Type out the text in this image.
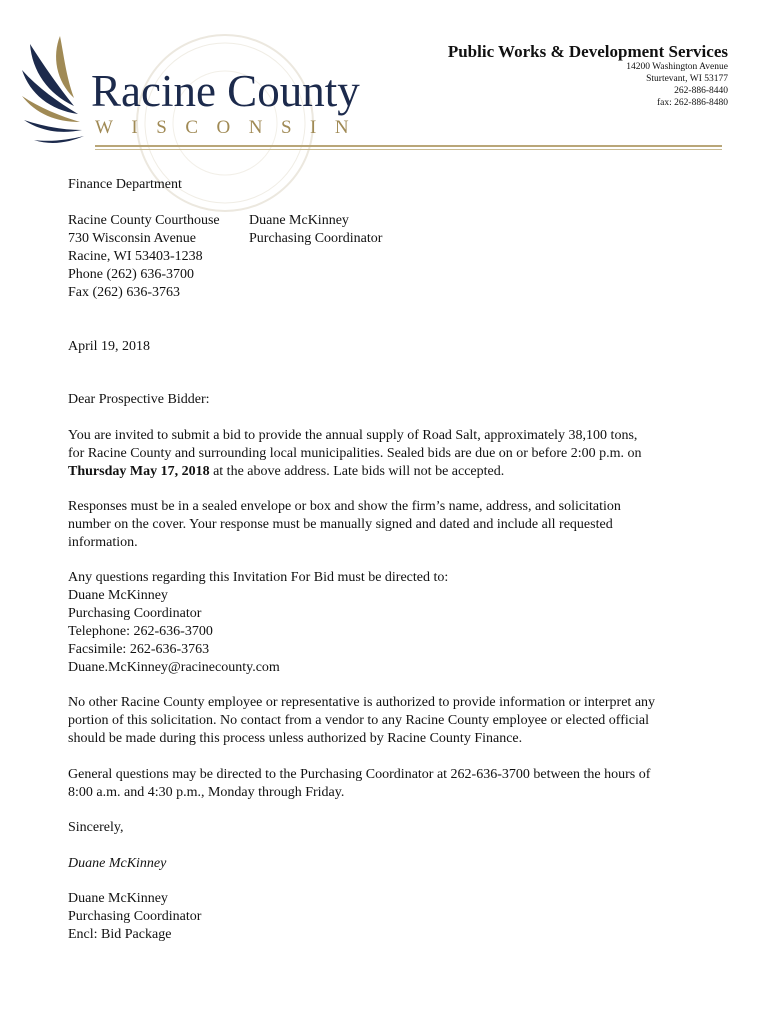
Racine County
WISCONSIN
Public Works & Development Services
14200 Washington Avenue
Sturtevant, WI 53177
262-886-8440
fax: 262-886-8480
Finance Department
Racine County Courthouse
730 Wisconsin Avenue
Racine, WI 53403-1238
Phone (262) 636-3700
Fax (262) 636-3763
Duane McKinney
Purchasing Coordinator
April 19, 2018
Dear Prospective Bidder:
You are invited to submit a bid to provide the annual supply of Road Salt, approximately 38,100 tons,
for Racine County and surrounding local municipalities. Sealed bids are due on or before 2:00 p.m. on
Thursday May 17, 2018 at the above address. Late bids will not be accepted.
Responses must be in a sealed envelope or box and show the firm’s name, address, and solicitation
number on the cover. Your response must be manually signed and dated and include all requested
information.
Any questions regarding this Invitation For Bid must be directed to:
Duane McKinney
Purchasing Coordinator
Telephone: 262-636-3700
Facsimile: 262-636-3763
Duane.McKinney@racinecounty.com
No other Racine County employee or representative is authorized to provide information or interpret any
portion of this solicitation. No contact from a vendor to any Racine County employee or elected official
should be made during this process unless authorized by Racine County Finance.
General questions may be directed to the Purchasing Coordinator at 262-636-3700 between the hours of
8:00 a.m. and 4:30 p.m., Monday through Friday.
Sincerely,
Duane McKinney
Duane McKinney
Purchasing Coordinator
Encl: Bid Package
